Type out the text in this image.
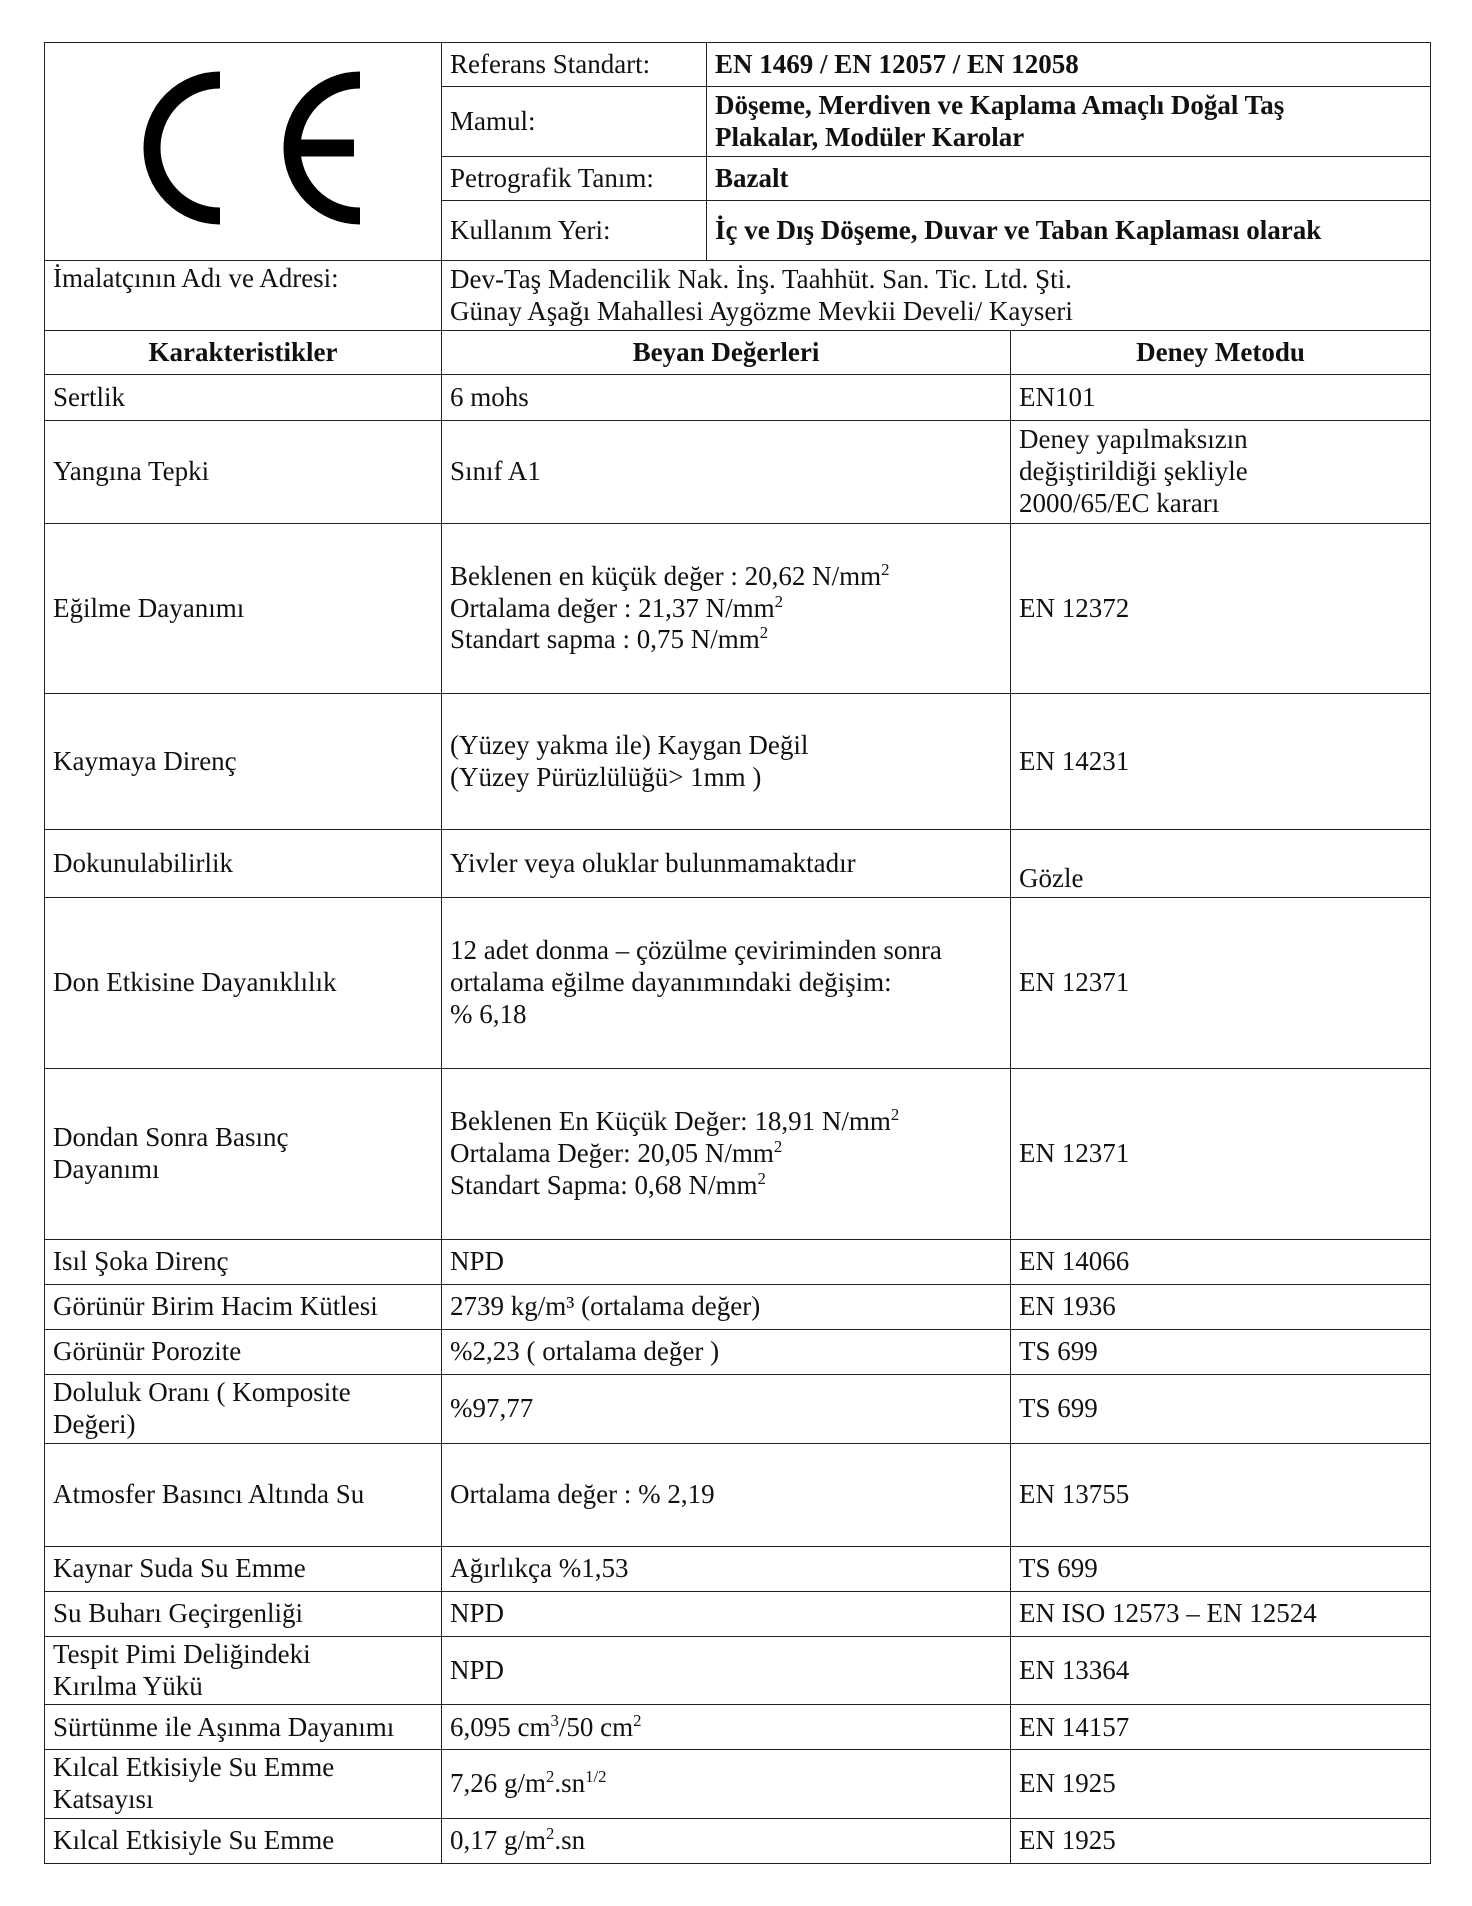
	Referans Standart:	EN 1469 / EN 12057 / EN 12058	
	Mamul:	Döşeme, Merdiven ve Kaplama Amaçlı Doğal Taş
Plakalar, Modüler Karolar	

	Petrografik Tanım:	Bazalt	
	Kullanım Yeri:	İç ve Dış Döşeme, Duvar ve Taban Kaplaması olarak	
İmalatçının Adı ve Adresi:	Dev-Taş Madencilik Nak. İnş. Taahhüt. San. Tic. Ltd. Şti.
Günay Aşağı Mahallesi Aygözme Mevkii Develi/ Kayseri		

Karakteristikler	Beyan Değerleri		Deney Metodu
Sertlik	6 mohs		EN101
Yangına Tepki	Sınıf A1		Deney yapılmaksızın
değiştirildiği şekliyle
2000/65/EC kararı

Eğilme Dayanımı	Beklenen en küçük değer : 20,62 $N/mm^2$
Ortalama değer : 21,37 $N/mm^2$
Standart sapma : 0,75 $N/mm^2$		EN 12372
Kaymaya Direnç	(Yüzey yakma ile) Kaygan Değil
(Yüzey Pürüzlülüğü> 1mm )		EN 14231
Dokunulabilirlik	Yivler veya oluklar bulunmamaktadır		Gözle
Don Etkisine Dayanıklılık	12 adet donma – çözülme çeviriminden sonra
ortalama eğilme dayanımındaki değişim:
% 6,18		EN 12371

Dondan Sonra Basınç
Dayanımı	Beklenen En Küçük Değer: 18,91 $N/mm^2$
Ortalama Değer: 20,05 $N/mm^2$
Standart Sapma: 0,68 $N/mm^2$		EN 12371
Isıl Şoka Direnç	NPD		EN 14066
Görünür Birim Hacim Kütlesi	2739 kg/m³ (ortalama değer)		EN 1936
Görünür Porozite	%2,23 ( ortalama değer )		TS 699

Doluluk Oranı ( Komposite
Değeri)	%97,77		TS 699
Atmosfer Basıncı Altında Su	Ortalama değer : % 2,19		EN 13755
Kaynar Suda Su Emme	Ağırlıkça %1,53		TS 699
Su Buharı Geçirgenliği	NPD		EN ISO 12573 – EN 12524

Tespit Pimi Deliğindeki
Kırılma Yükü	NPD		EN 13364
Sürtünme ile Aşınma Dayanımı	6,095 $cm^3/50$ $cm^2$		EN 14157

Kılcal Etkisiyle Su Emme
Katsayısı	7,26 $g/m^2.sn^{1/2}$		EN 1925
Kılcal Etkisiyle Su Emme	0,17 $g/m^2.sn$		EN 1925
